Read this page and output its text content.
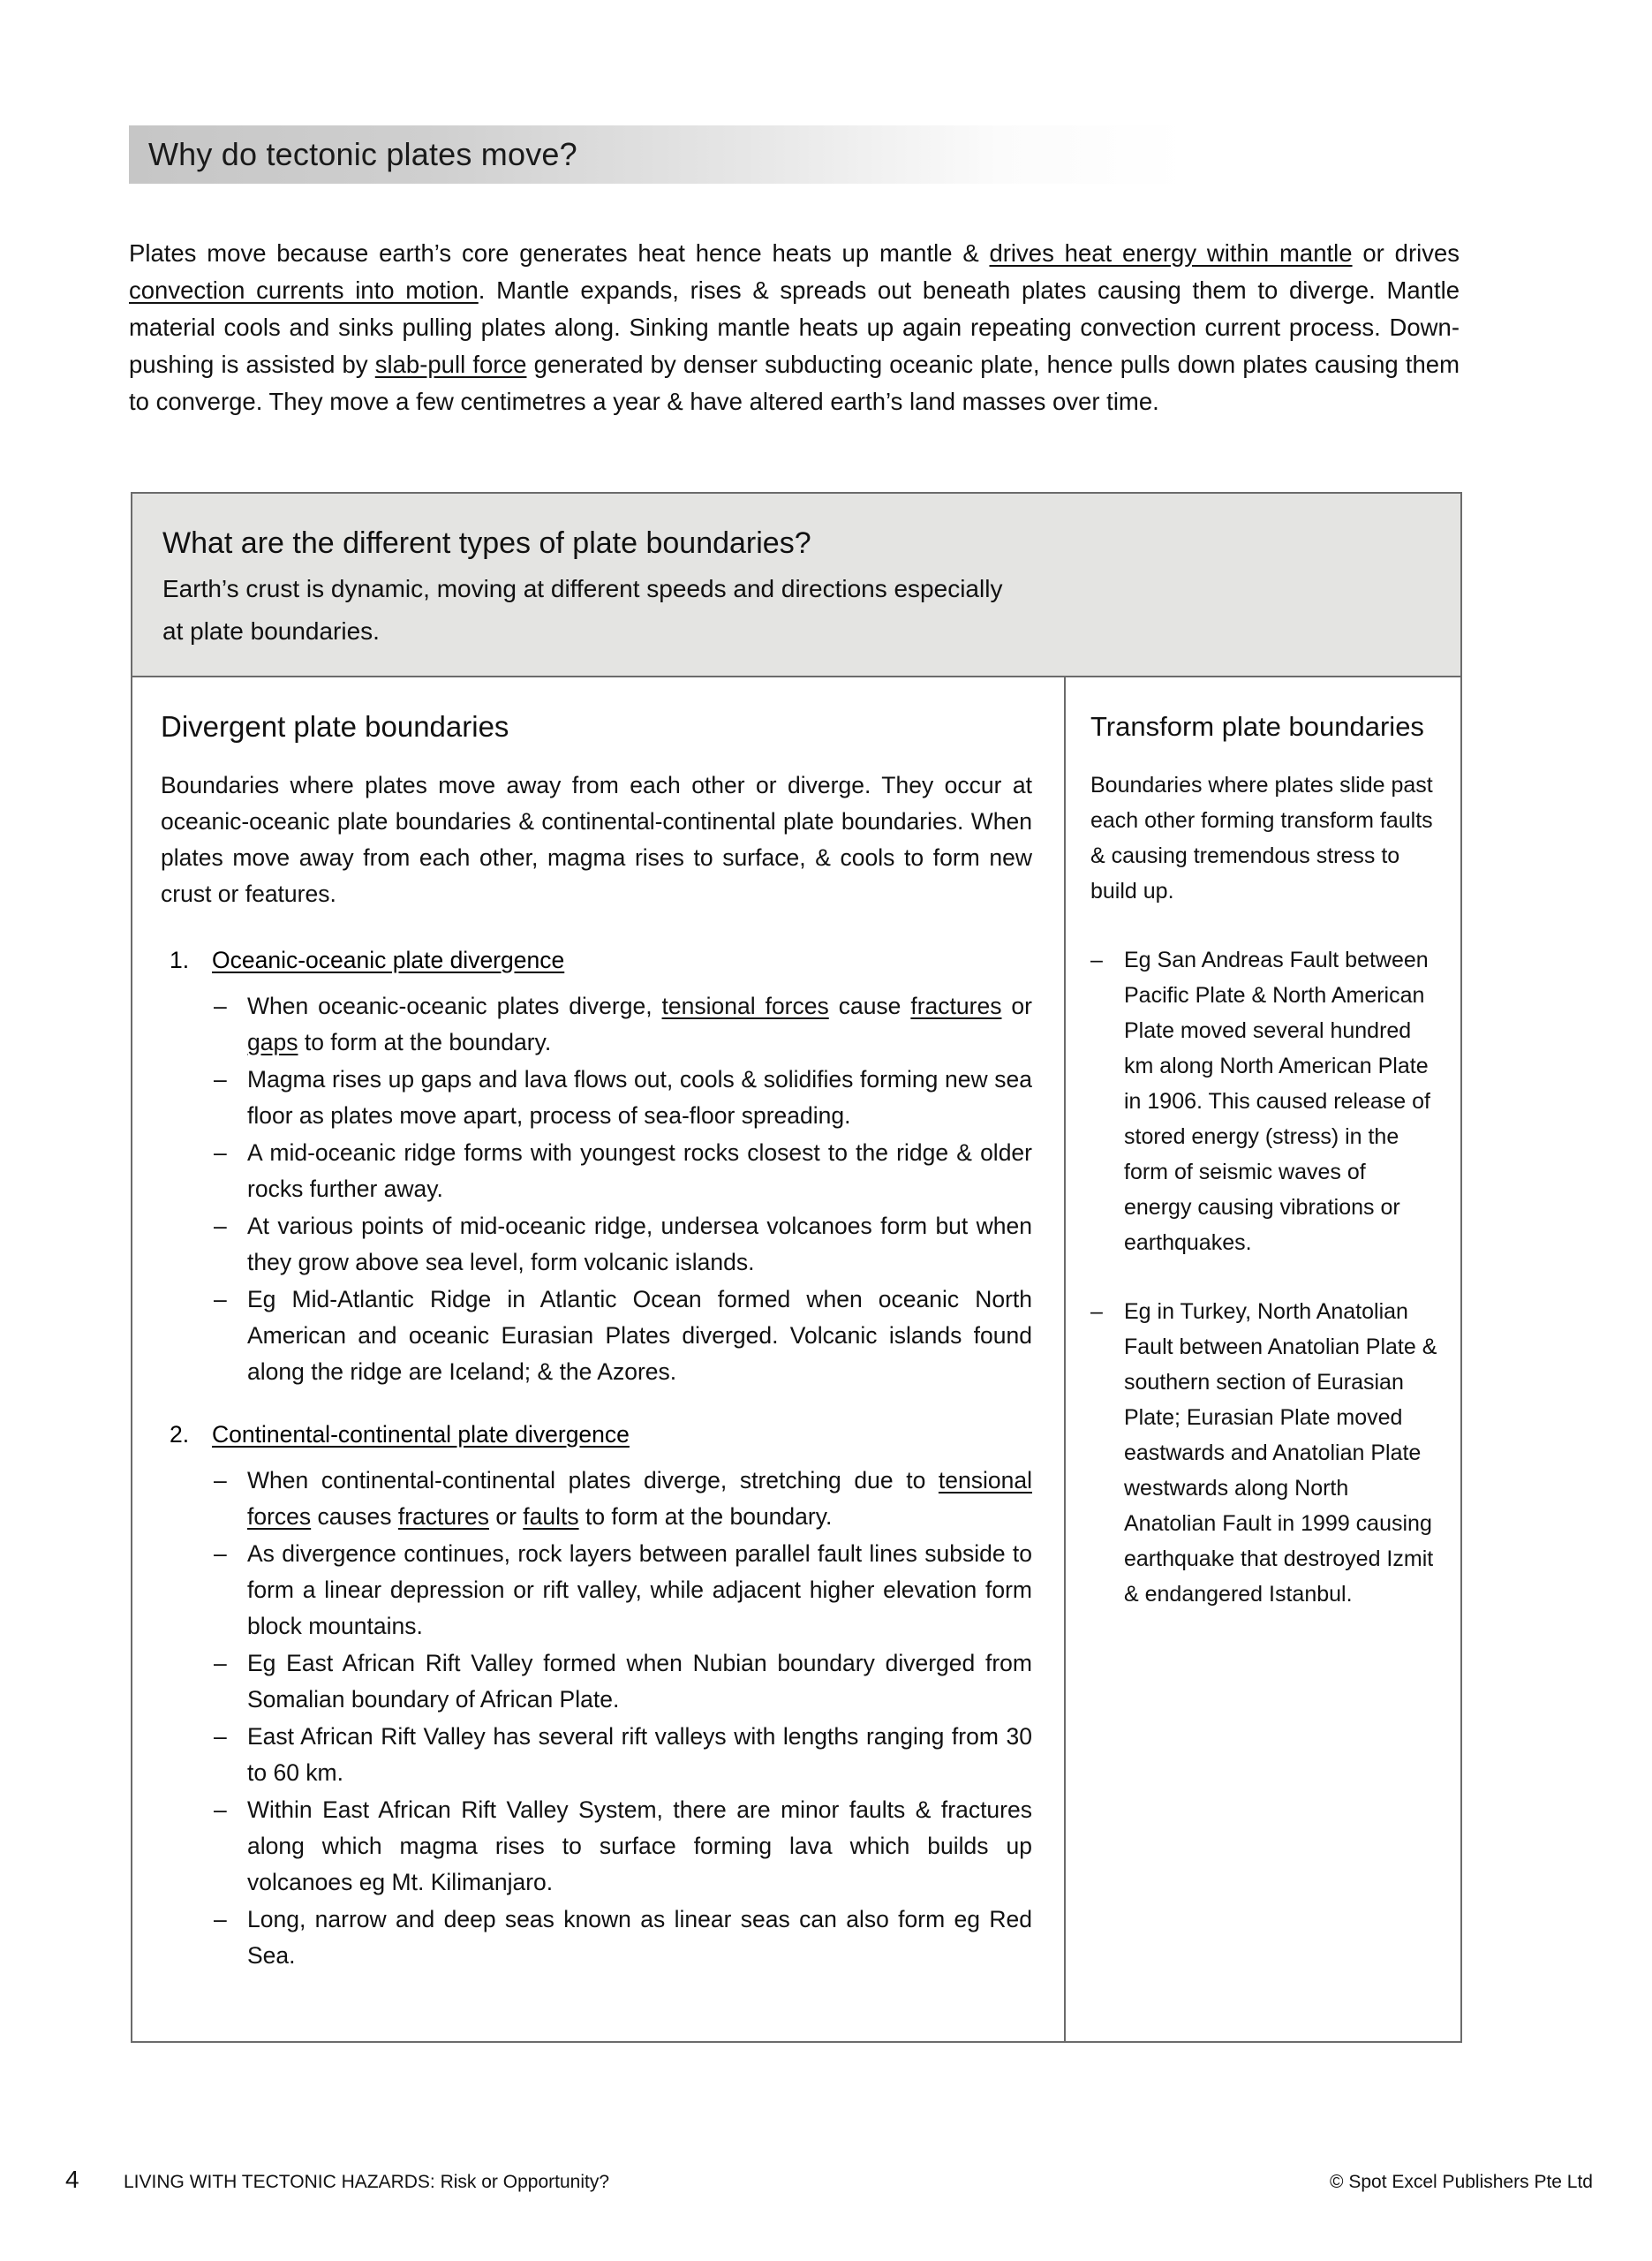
Why do tectonic plates move?

Plates move because earth’s core generates heat hence heats up mantle & drives heat energy within mantle or drives convection currents into motion. Mantle expands, rises & spreads out beneath plates causing them to diverge. Mantle material cools and sinks pulling plates along. Sinking mantle heats up again repeating convection current process. Down-pushing is assisted by slab-pull force generated by denser subducting oceanic plate, hence pulls down plates causing them to converge. They move a few centimetres a year & have altered earth’s land masses over time.

What are the different types of plate boundaries?
Earth’s crust is dynamic, moving at different speeds and directions especially
at plate boundaries.
Divergent plate boundaries

Boundaries where plates move away from each other or diverge. They occur at oceanic-oceanic plate boundaries & continental-continental plate boundaries. When plates move away from each other, magma rises to surface, & cools to form new crust or features.

1. Oceanic-oceanic plate divergence
– When oceanic-oceanic plates diverge, tensional forces cause fractures or gaps to form at the boundary.
– Magma rises up gaps and lava flows out, cools & solidifies forming new sea floor as plates move apart, process of sea-floor spreading.
– A mid-oceanic ridge forms with youngest rocks closest to the ridge & older rocks further away.
– At various points of mid-oceanic ridge, undersea volcanoes form but when they grow above sea level, form volcanic islands.
– Eg Mid-Atlantic Ridge in Atlantic Ocean formed when oceanic North American and oceanic Eurasian Plates diverged. Volcanic islands found along the ridge are Iceland; & the Azores.
2. Continental-continental plate divergence
– When continental-continental plates diverge, stretching due to tensional forces causes fractures or faults to form at the boundary.
– As divergence continues, rock layers between parallel fault lines subside to form a linear depression or rift valley, while adjacent higher elevation form block mountains.
– Eg East African Rift Valley formed when Nubian boundary diverged from Somalian boundary of African Plate.
– East African Rift Valley has several rift valleys with lengths ranging from 30 to 60 km.
– Within East African Rift Valley System, there are minor faults & fractures along which magma rises to surface forming lava which builds up volcanoes eg Mt. Kilimanjaro.
– Long, narrow and deep seas known as linear seas can also form eg Red Sea.
Transform plate boundaries

Boundaries where plates slide past each other forming transform faults & causing tremendous stress to build up.

– Eg San Andreas Fault between Pacific Plate & North American Plate moved several hundred km along North American Plate in 1906. This caused release of stored energy (stress) in the form of seismic waves of energy causing vibrations or earthquakes.
– Eg in Turkey, North Anatolian Fault between Anatolian Plate & southern section of Eurasian Plate; Eurasian Plate moved eastwards and Anatolian Plate westwards along North Anatolian Fault in 1999 causing earthquake that destroyed Izmit & endangered Istanbul.
4	LIVING WITH TECTONIC HAZARDS: Risk or Opportunity?	© Spot Excel Publishers Pte Ltd
